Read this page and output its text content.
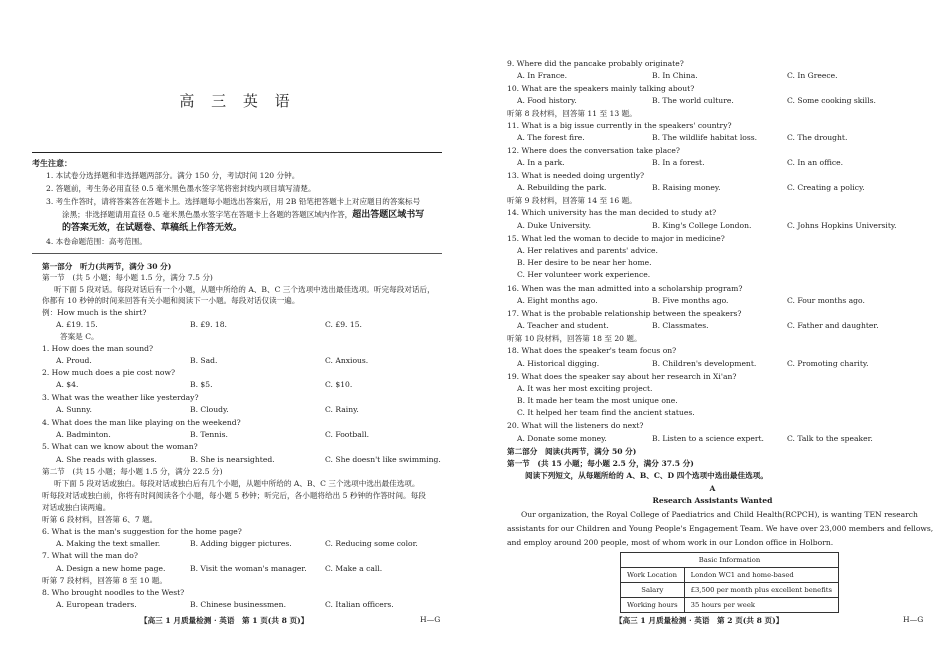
高 三 英 语
考生注意：
1. 本试卷分选择题和非选择题两部分。满分 150 分，考试时间 120 分钟。
2. 答题前，考生务必用直径 0.5 毫米黑色墨水签字笔将密封线内项目填写清楚。
3. 考生作答时，请将答案答在答题卡上。选择题每小题选出答案后，用 2B 铅笔把答题卡上对应题目的答案标号
涂黑；非选择题请用直径 0.5 毫米黑色墨水签字笔在答题卡上各题的答题区域内作答，超出答题区域书写
的答案无效，在试题卷、草稿纸上作答无效。
4. 本卷命题范围：高考范围。
第一部分　听力(共两节，满分 30 分)
第一节　(共 5 小题；每小题 1.5 分，满分 7.5 分)
听下面 5 段对话。每段对话后有一个小题，从题中所给的 A、B、C 三个选项中选出最佳选项。听完每段对话后，
你都有 10 秒钟的时间来回答有关小题和阅读下一小题。每段对话仅读一遍。
例：How much is the shirt?
A. £19. 15.	B. £9. 18.	C. £9. 15.
答案是 C。
1. How does the man sound?
A. Proud.	B. Sad.	C. Anxious.
2. How much does a pie cost now?
A. $4.	B. $5.	C. $10.
3. What was the weather like yesterday?
A. Sunny.	B. Cloudy.	C. Rainy.
4. What does the man like playing on the weekend?
A. Badminton.	B. Tennis.	C. Football.
5. What can we know about the woman?
A. She reads with glasses.	B. She is nearsighted.	C. She doesn't like swimming.
第二节　(共 15 小题；每小题 1.5 分，满分 22.5 分)
听下面 5 段对话或独白。每段对话或独白后有几个小题，从题中所给的 A、B、C 三个选项中选出最佳选项。
听每段对话或独白前，你将有时间阅读各个小题，每小题 5 秒钟；听完后，各小题将给出 5 秒钟的作答时间。每段
对话或独白读两遍。
听第 6 段材料，回答第 6、7 题。
6. What is the man's suggestion for the home page?
A. Making the text smaller.	B. Adding bigger pictures.	C. Reducing some color.
7. What will the man do?
A. Design a new home page.	B. Visit the woman's manager. C. Make a call.
听第 7 段材料，回答第 8 至 10 题。
8. Who brought noodles to the West?
A. European traders.	B. Chinese businessmen.	C. Italian officers.
【高三 1 月质量检测 · 英语　第 1 页(共 8 页)】	H—G
9. Where did the pancake probably originate?
A. In France.	B. In China.	C. In Greece.
10. What are the speakers mainly talking about?
A. Food history.	B. The world culture.	C. Some cooking skills.
听第 8 段材料，回答第 11 至 13 题。
11. What is a big issue currently in the speakers' country?
A. The forest fire.	B. The wildlife habitat loss.	C. The drought.
12. Where does the conversation take place?
A. In a park.	B. In a forest.	C. In an office.
13. What is needed doing urgently?
A. Rebuilding the park.	B. Raising money.	C. Creating a policy.
听第 9 段材料，回答第 14 至 16 题。
14. Which university has the man decided to study at?
A. Duke University.	B. King's College London.	C. Johns Hopkins University.
15. What led the woman to decide to major in medicine?
A. Her relatives and parents' advice.
B. Her desire to be near her home.
C. Her volunteer work experience.
16. When was the man admitted into a scholarship program?
A. Eight months ago.	B. Five months ago.	C. Four months ago.
17. What is the probable relationship between the speakers?
A. Teacher and student.	B. Classmates.	C. Father and daughter.
听第 10 段材料，回答第 18 至 20 题。
18. What does the speaker's team focus on?
A. Historical digging.	B. Children's development.	C. Promoting charity.
19. What does the speaker say about her research in Xi'an?
A. It was her most exciting project.
B. It made her team the most unique one.
C. It helped her team find the ancient statues.
20. What will the listeners do next?
A. Donate some money.	B. Listen to a science expert.	C. Talk to the speaker.
第二部分　阅读(共两节，满分 50 分)
第一节　(共 15 小题；每小题 2.5 分，满分 37.5 分)
阅读下列短文，从每题所给的 A、B、C、D 四个选项中选出最佳选项。
A
Research Assistants Wanted
Our organization, the Royal College of Paediatrics and Child Health(RCPCH), is wanting TEN research
assistants for our Children and Young People's Engagement Team. We have over 23,000 members and fellows,
and employ around 200 people, most of whom work in our London office in Holborn.
Basic Information	
Work Location	London WC1 and home-based
Salary	£3,500 per month plus excellent benefits
Working hours	35 hours per week
【高三 1 月质量检测 · 英语　第 2 页(共 8 页)】	H—G
